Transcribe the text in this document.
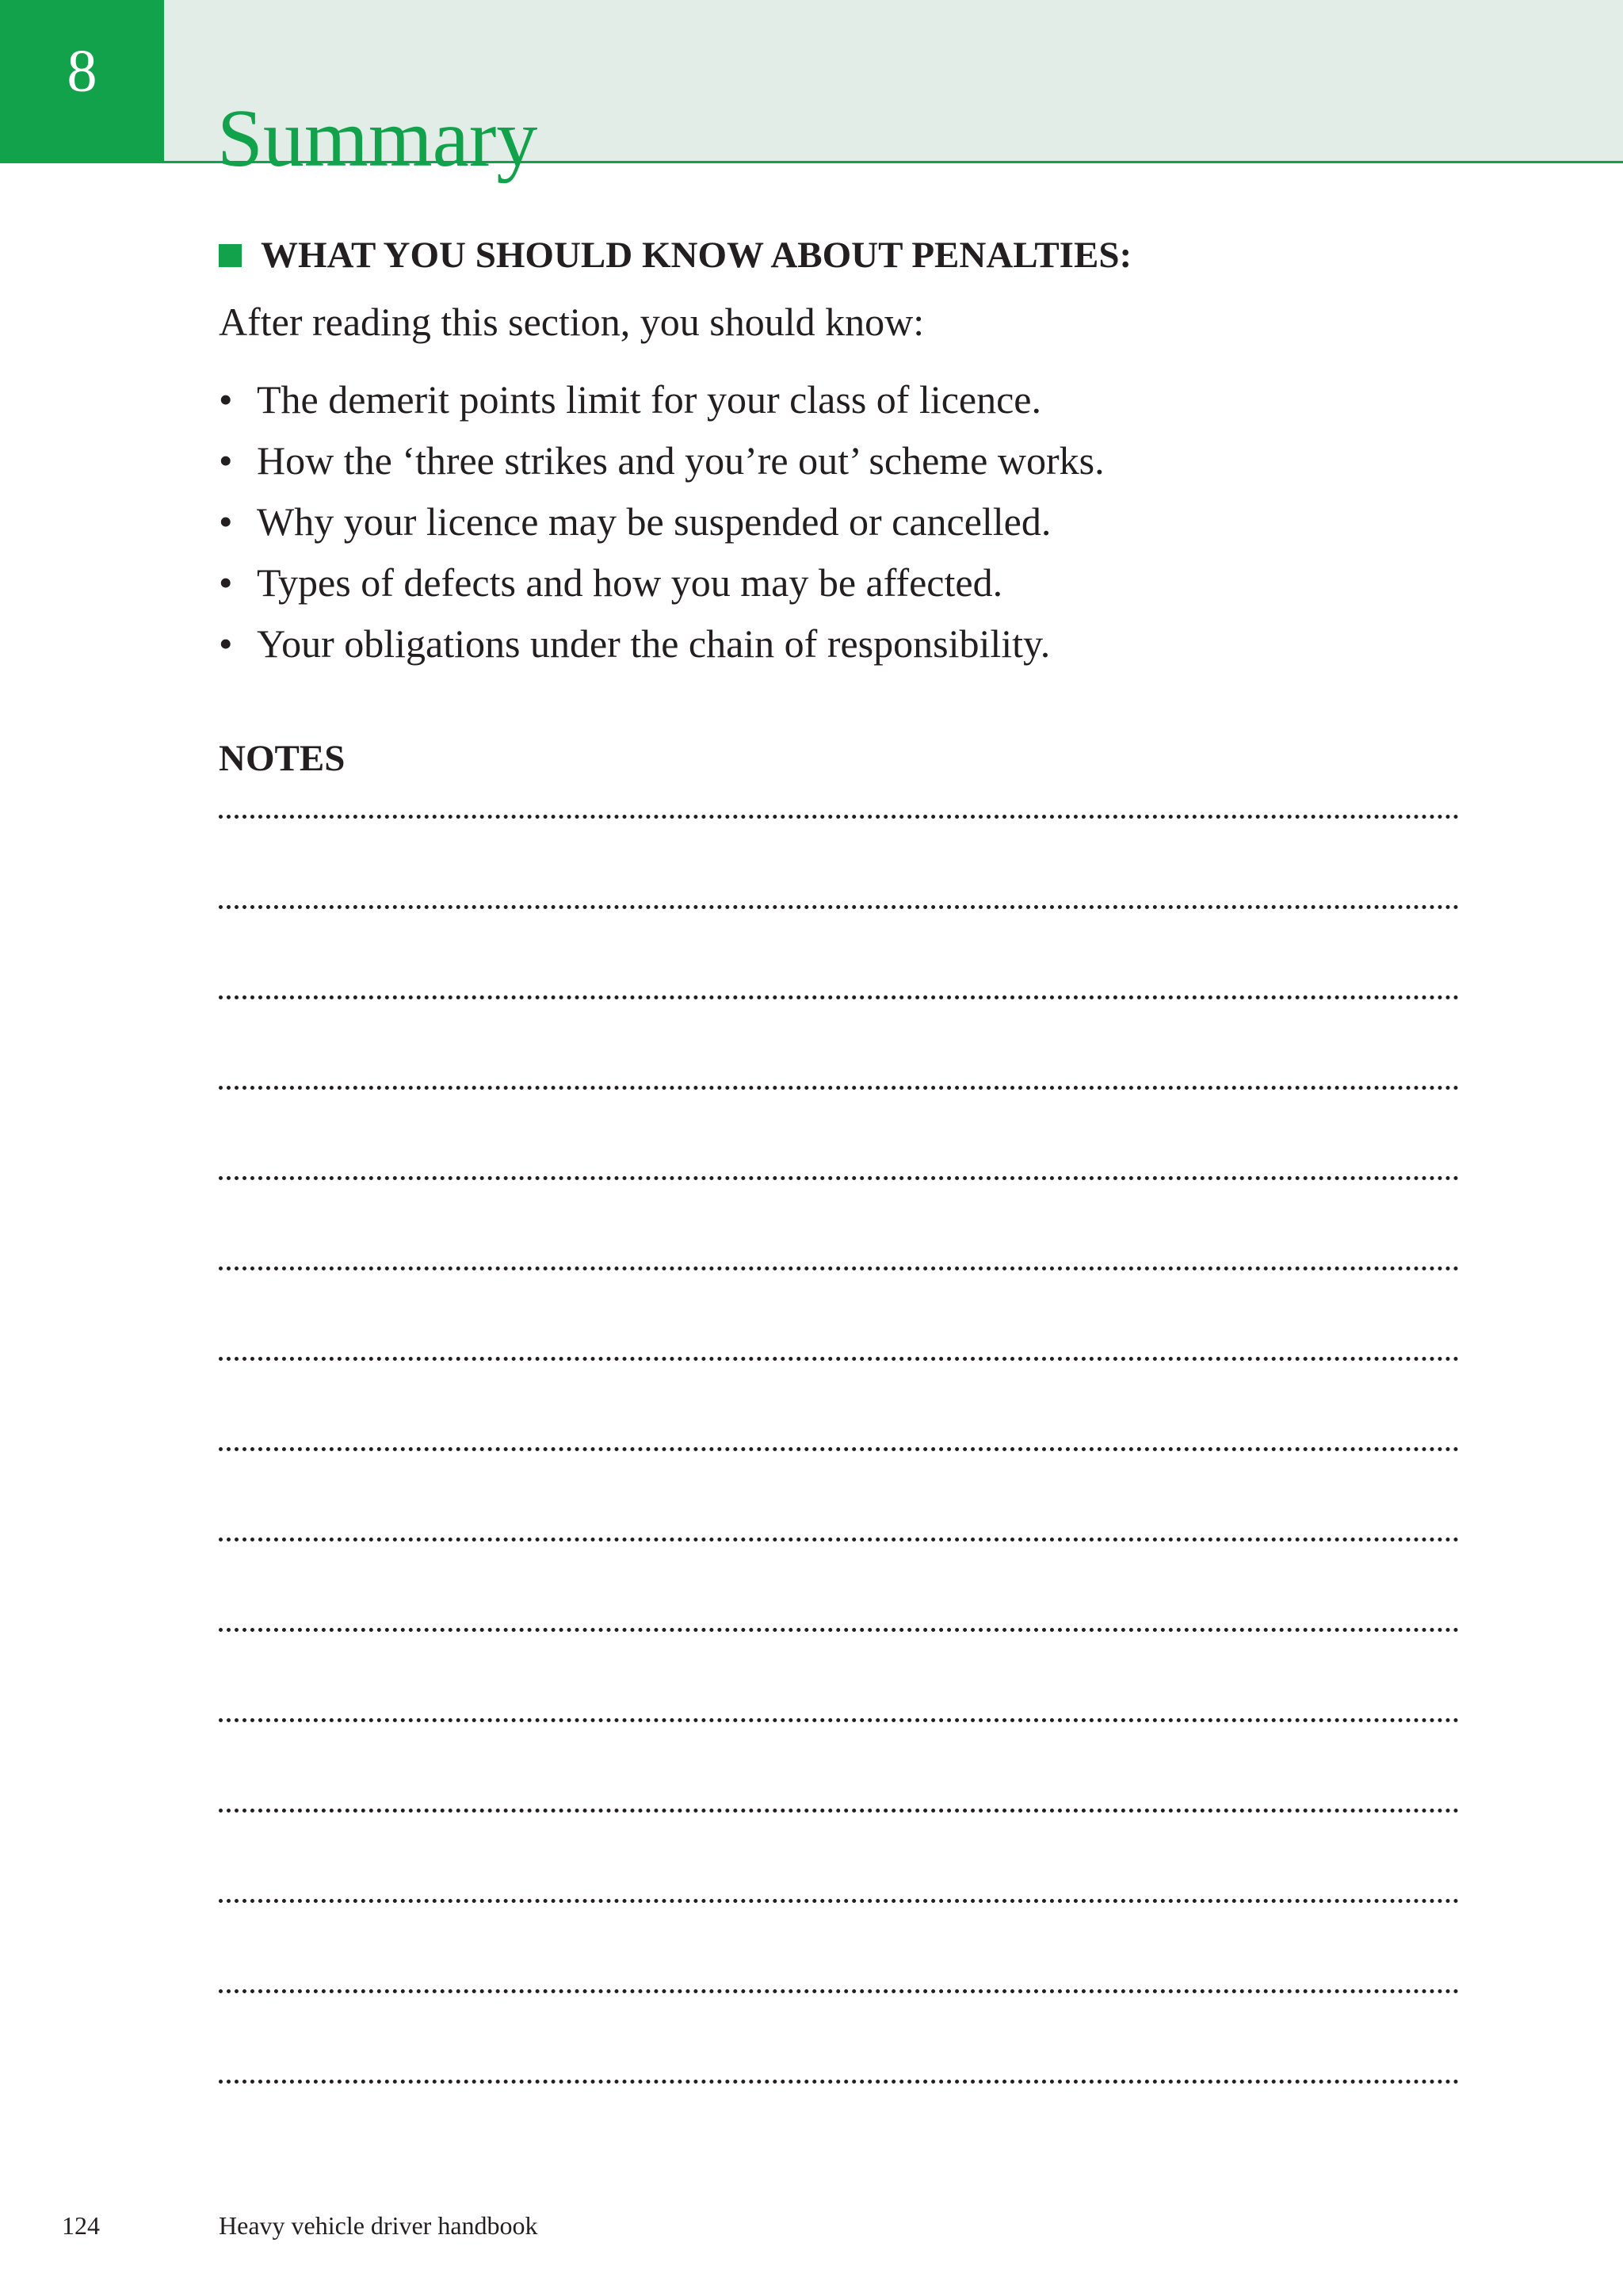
8
Summary
WHAT YOU SHOULD KNOW ABOUT PENALTIES:

After reading this section, you should know:

• The demerit points limit for your class of licence.
• How the ‘three strikes and you’re out’ scheme works.
• Why your licence may be suspended or cancelled.
• Types of defects and how you may be affected.
• Your obligations under the chain of responsibility.
NOTES
124	Heavy vehicle driver handbook
